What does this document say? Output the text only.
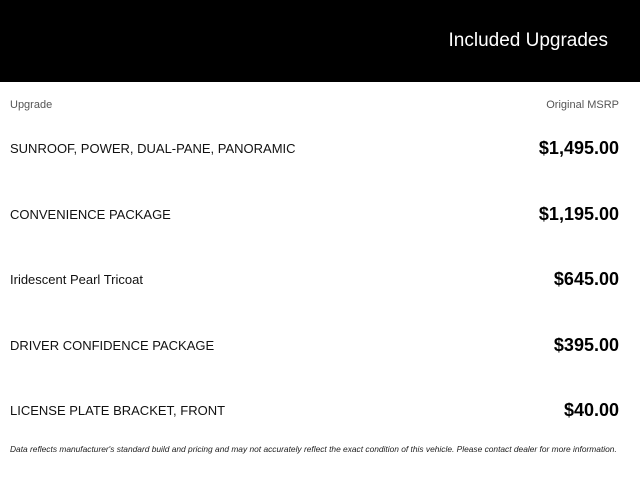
Included Upgrades
Upgrade	Original MSRP
SUNROOF, POWER, DUAL-PANE, PANORAMIC	$1,495.00
CONVENIENCE PACKAGE	$1,195.00
Iridescent Pearl Tricoat	$645.00
DRIVER CONFIDENCE PACKAGE	$395.00
LICENSE PLATE BRACKET, FRONT	$40.00
Data reflects manufacturer's standard build and pricing and may not accurately reflect the exact condition of this vehicle. Please contact dealer for more information.
